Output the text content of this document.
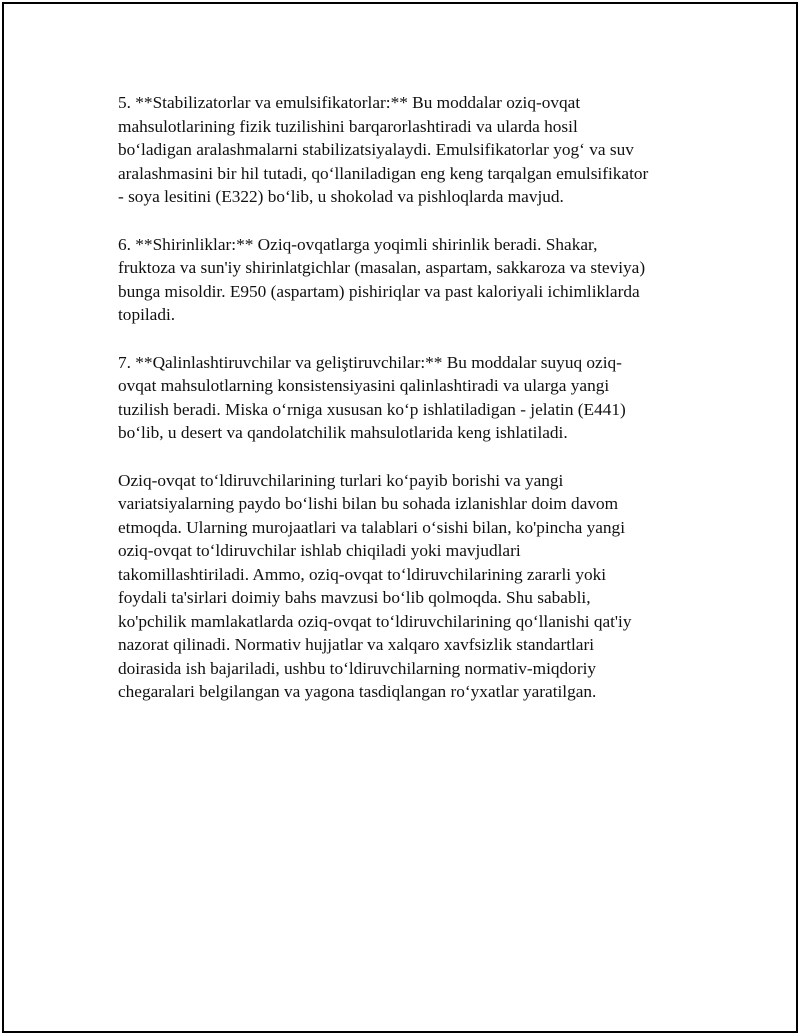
5. **Stabilizatorlar va emulsifikatorlar:** Bu moddalar oziq-ovqat
mahsulotlarining fizik tuzilishini barqarorlashtiradi va ularda hosil
bo‘ladigan aralashmalarni stabilizatsiyalaydi. Emulsifikatorlar yog‘ va suv
aralashmasini bir hil tutadi, qo‘llaniladigan eng keng tarqalgan emulsifikator
- soya lesitini (E322) bo‘lib, u shokolad va pishloqlarda mavjud.

6. **Shirinliklar:** Oziq-ovqatlarga yoqimli shirinlik beradi. Shakar,
fruktoza va sun'iy shirinlatgichlar (masalan, aspartam, sakkaroza va steviya)
bunga misoldir. E950 (aspartam) pishiriqlar va past kaloriyali ichimliklarda
topiladi.

7. **Qalinlashtiruvchilar va geliştiruvchilar:** Bu moddalar suyuq oziq-
ovqat mahsulotlarning konsistensiyasini qalinlashtiradi va ularga yangi
tuzilish beradi. Miska o‘rniga xususan ko‘p ishlatiladigan - jelatin (E441)
bo‘lib, u desert va qandolatchilik mahsulotlarida keng ishlatiladi.

Oziq-ovqat to‘ldiruvchilarining turlari ko‘payib borishi va yangi
variatsiyalarning paydo bo‘lishi bilan bu sohada izlanishlar doim davom
etmoqda. Ularning murojaatlari va talablari o‘sishi bilan, ko'pincha yangi
oziq-ovqat to‘ldiruvchilar ishlab chiqiladi yoki mavjudlari
takomillashtiriladi. Ammo, oziq-ovqat to‘ldiruvchilarining zararli yoki
foydali ta'sirlari doimiy bahs mavzusi bo‘lib qolmoqda. Shu sababli,
ko'pchilik mamlakatlarda oziq-ovqat to‘ldiruvchilarining qo‘llanishi qat'iy
nazorat qilinadi. Normativ hujjatlar va xalqaro xavfsizlik standartlari
doirasida ish bajariladi, ushbu to‘ldiruvchilarning normativ-miqdoriy
chegaralari belgilangan va yagona tasdiqlangan ro‘yxatlar yaratilgan.
